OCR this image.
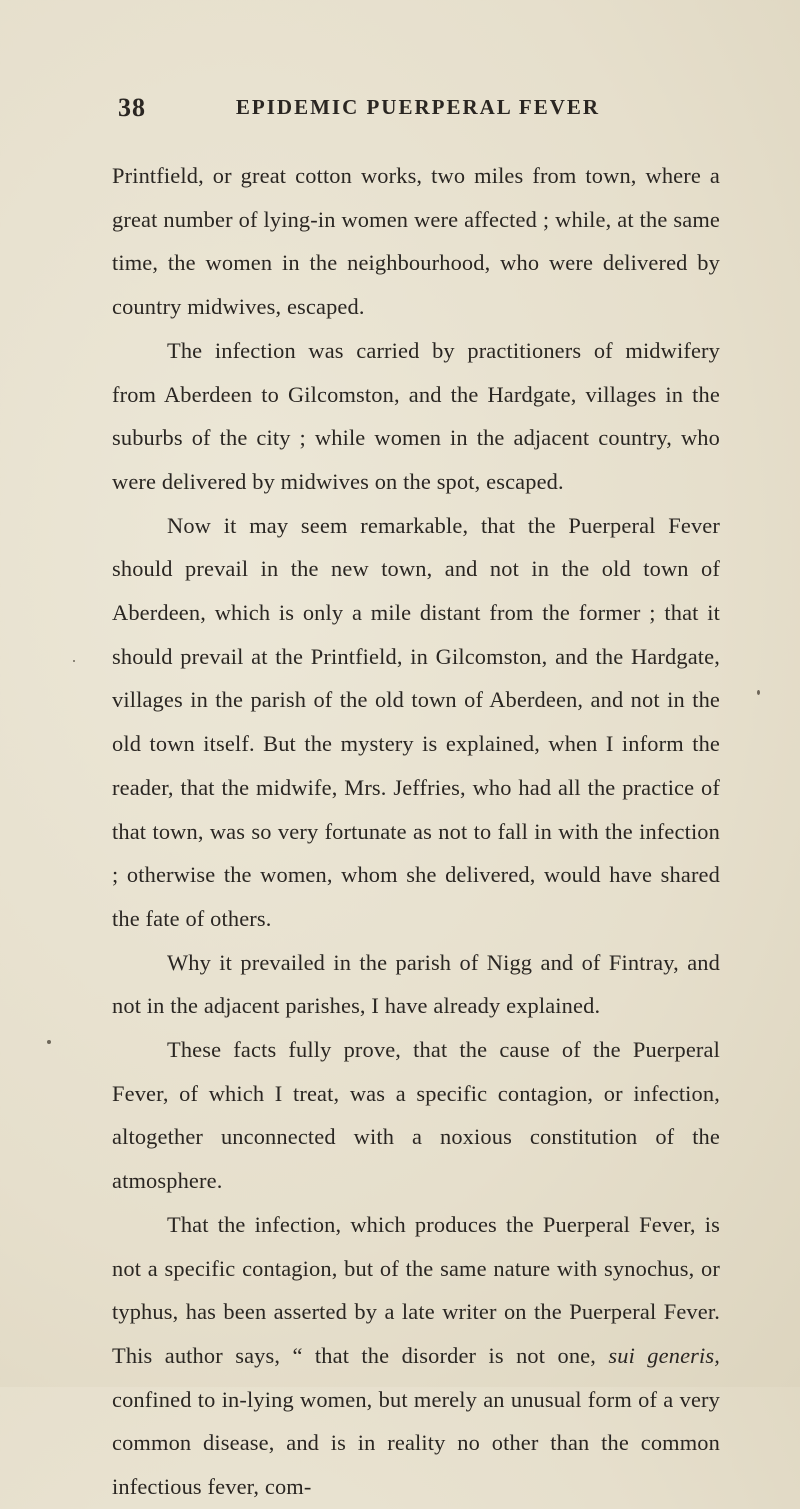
38	EPIDEMIC PUERPERAL FEVER

Printfield, or great cotton works, two miles from town, where a great number of lying-in women were affected ; while, at the same time, the women in the neighbourhood, who were delivered by country midwives, escaped.

The infection was carried by practitioners of midwifery from Aberdeen to Gilcomston, and the Hardgate, villages in the suburbs of the city ; while women in the adjacent country, who were delivered by midwives on the spot, escaped.

Now it may seem remarkable, that the Puerperal Fever should prevail in the new town, and not in the old town of Aberdeen, which is only a mile distant from the former ; that it should prevail at the Printfield, in Gilcomston, and the Hardgate, villages in the parish of the old town of Aberdeen, and not in the old town itself. But the mystery is explained, when I inform the reader, that the midwife, Mrs. Jeffries, who had all the practice of that town, was so very fortunate as not to fall in with the infection ; otherwise the women, whom she delivered, would have shared the fate of others.

Why it prevailed in the parish of Nigg and of Fintray, and not in the adjacent parishes, I have already explained.

These facts fully prove, that the cause of the Puerperal Fever, of which I treat, was a specific contagion, or infection, altogether unconnected with a noxious constitution of the atmosphere.

That the infection, which produces the Puerperal Fever, is not a specific contagion, but of the same nature with synochus, or typhus, has been asserted by a late writer on the Puerperal Fever. This author says, “ that the disorder is not one, sui generis, confined to in-lying women, but merely an unusual form of a very common disease, and is in reality no other than the common infectious fever, com-
